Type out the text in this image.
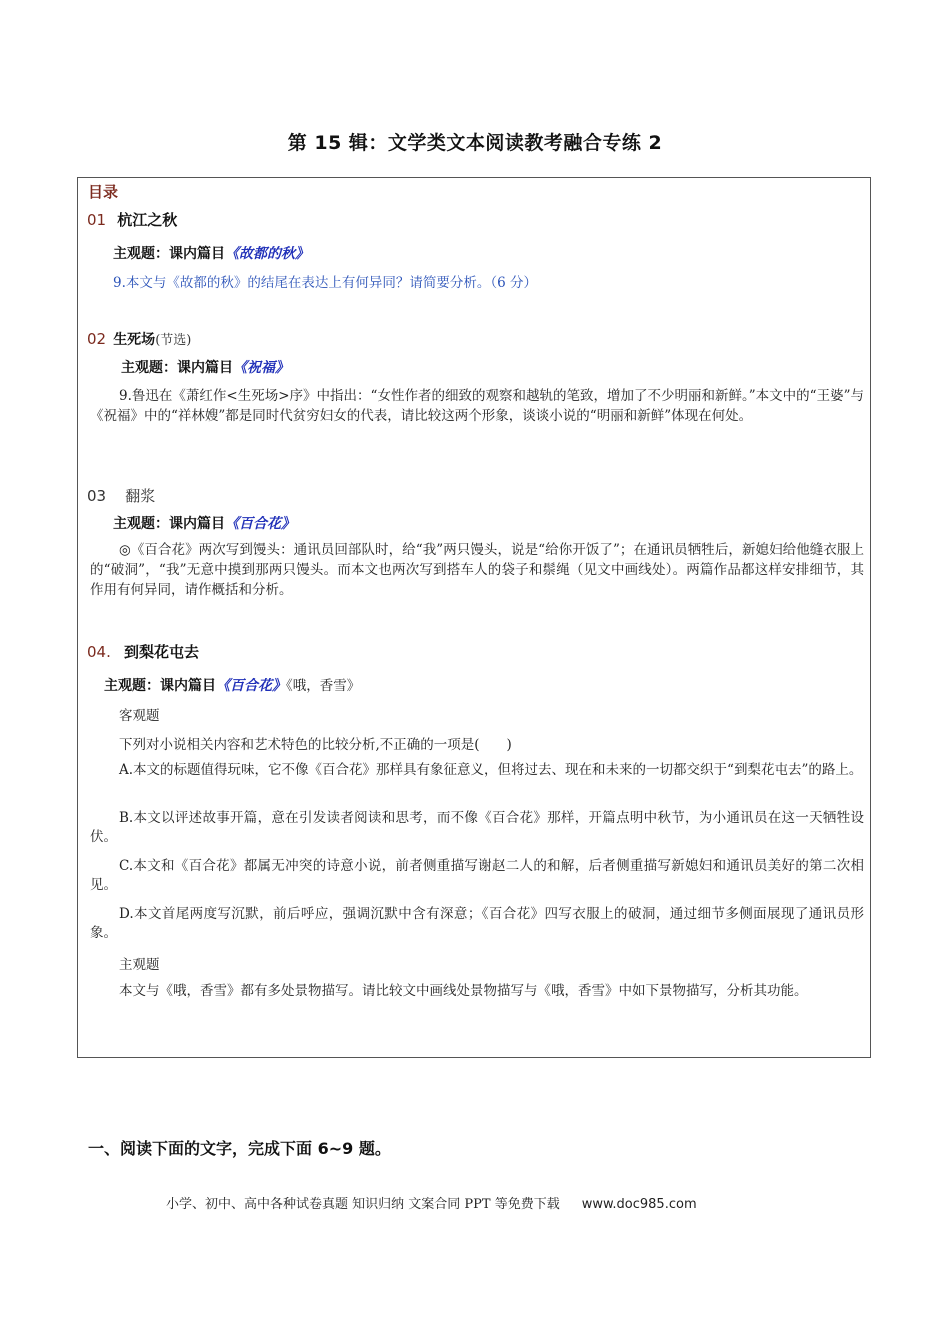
第 15 辑：文学类文本阅读教考融合专练 2
目录
01 杭江之秋
主观题：课内篇目《故都的秋》
9.本文与《故都的秋》的结尾在表达上有何异同？请简要分析。（6 分）
02 生死场(节选)
主观题：课内篇目《祝福》
9.鲁迅在《萧红作<生死场>序》中指出：“女性作者的细致的观察和越轨的笔致，增加了不少明丽和新鲜。”本文中的“王婆”与《祝福》中的“祥林嫂”都是同时代贫穷妇女的代表，请比较这两个形象，谈谈小说的“明丽和新鲜”体现在何处。
03 翻浆
主观题：课内篇目《百合花》
◎《百合花》两次写到馒头：通讯员回部队时，给“我”两只馒头，说是“给你开饭了”；在通讯员牺牲后，新媳妇给他缝衣服上的“破洞”，“我”无意中摸到那两只馒头。而本文也两次写到搭车人的袋子和鬃绳（见文中画线处）。两篇作品都这样安排细节，其作用有何异同，请作概括和分析。
04. 到梨花屯去
主观题：课内篇目《百合花》《哦，香雪》
客观题
下列对小说相关内容和艺术特色的比较分析,不正确的一项是(　　)
A.本文的标题值得玩味，它不像《百合花》那样具有象征意义，但将过去、现在和未来的一切都交织于“到梨花屯去”的路上。
B.本文以评述故事开篇，意在引发读者阅读和思考，而不像《百合花》那样，开篇点明中秋节，为小通讯员在这一天牺牲设伏。
C.本文和《百合花》都属无冲突的诗意小说，前者侧重描写谢赵二人的和解，后者侧重描写新媳妇和通讯员美好的第二次相见。
D.本文首尾两度写沉默，前后呼应，强调沉默中含有深意；《百合花》四写衣服上的破洞，通过细节多侧面展现了通讯员形象。
主观题
本文与《哦，香雪》都有多处景物描写。请比较文中画线处景物描写与《哦，香雪》中如下景物描写，分析其功能。
一、阅读下面的文字，完成下面 6~9 题。
小学、初中、高中各种试卷真题 知识归纳 文案合同 PPT 等免费下载 www.doc985.com
